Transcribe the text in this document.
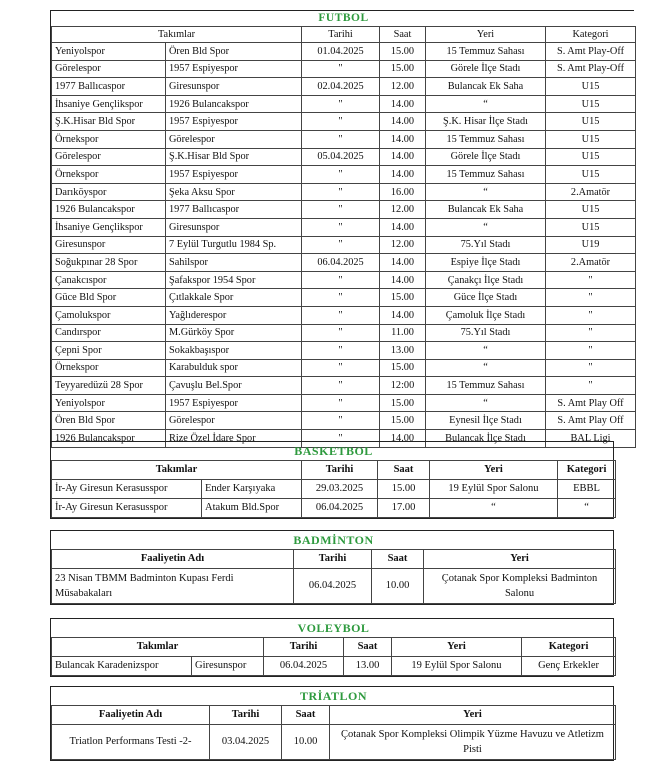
FUTBOL					
Takımlar		Tarihi	Saat	Yeri	Kategori
Yeniyolspor	Ören Bld Spor	01.04.2025	15.00	15 Temmuz Sahası	S. Amt Play-Off
Görelespor	1957 Espiyespor	"	15.00	Görele İlçe Stadı	S. Amt Play-Off
1977 Ballıcaspor	Giresunspor	02.04.2025	12.00	Bulancak Ek Saha	U15
İhsaniye Gençlikspor	1926 Bulancakspor	"	14.00	“	U15
Ş.K.Hisar Bld Spor	1957 Espiyespor	"	14.00	Ş.K. Hisar İlçe Stadı	U15
Örnekspor	Görelespor	"	14.00	15 Temmuz Sahası	U15
Görelespor	Ş.K.Hisar Bld Spor	05.04.2025	14.00	Görele İlçe Stadı	U15
Örnekspor	1957 Espiyespor	"	14.00	15 Temmuz Sahası	U15
Darıköyspor	Şeka Aksu Spor	"	16.00	“	2.Amatör
1926 Bulancakspor	1977 Ballıcaspor	"	12.00	Bulancak Ek Saha	U15
İhsaniye Gençlikspor	Giresunspor	"	14.00	“	U15
Giresunspor	7 Eylül Turgutlu 1984 Sp.	"	12.00	75.Yıl Stadı	U19
Soğukpınar 28 Spor	Sahilspor	06.04.2025	14.00	Espiye İlçe Stadı	2.Amatör
Çanakcıspor	Şafakspor 1954 Spor	"	14.00	Çanakçı İlçe Stadı	"
Güce Bld Spor	Çıtlakkale Spor	"	15.00	Güce İlçe Stadı	"
Çamolukspor	Yağlıderespor	"	14.00	Çamoluk İlçe Stadı	"
Candırspor	M.Gürköy Spor	"	11.00	75.Yıl Stadı	"
Çepni Spor	Sokakbaşıspor	"	13.00	“	"
Örnekspor	Karabulduk spor	"	15.00	“	"
Teyyaredüzü 28 Spor	Çavuşlu Bel.Spor	"	12:00	15 Temmuz Sahası	"
Yeniyolspor	1957 Espiyespor	"	15.00	“	S. Amt Play Off
Ören Bld Spor	Görelespor	"	15.00	Eynesil İlçe Stadı	S. Amt Play Off
1926 Bulancakspor	Rize Özel İdare Spor	"	14.00	Bulancak İlçe Stadı	BAL Ligi
BASKETBOL					
Takımlar		Tarihi	Saat	Yeri	Kategori
İr-Ay Giresun Kerasusspor	Ender Karşıyaka	29.03.2025	15.00	19 Eylül Spor Salonu	EBBL
İr-Ay Giresun Kerasusspor	Atakum Bld.Spor	06.04.2025	17.00	“	“
BADMİNTON			
Faaliyetin Adı	Tarihi	Saat	Yeri
23 Nisan TBMM Badminton Kupası Ferdi Müsabakaları	06.04.2025	10.00	Çotanak Spor Kompleksi Badminton Salonu
VOLEYBOL					
Takımlar		Tarihi	Saat	Yeri	Kategori
Bulancak Karadenizspor	Giresunspor	06.04.2025	13.00	19 Eylül Spor Salonu	Genç Erkekler
TRİATLON			
Faaliyetin Adı	Tarihi	Saat	Yeri
Triatlon Performans Testi -2-	03.04.2025	10.00	Çotanak Spor Kompleksi Olimpik Yüzme Havuzu ve Atletizm Pisti
